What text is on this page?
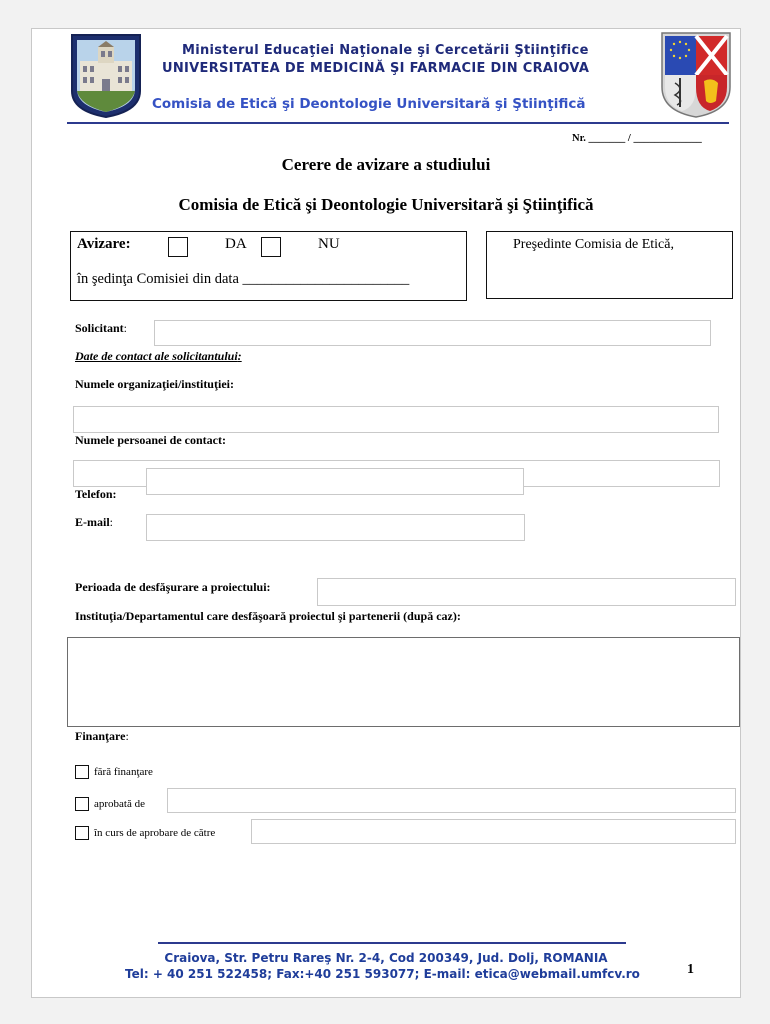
Ministerul Educaţiei Naţionale şi Cercetării Ştiinţifice
UNIVERSITATEA DE MEDICINĂ ŞI FARMACIE DIN CRAIOVA
Comisia de Etică şi Deontologie Universitară şi Ştiinţifică
Nr. _______ / _____________
Cerere de avizare a studiului
Comisia de Etică şi Deontologie Universitară şi Ştiinţifică
Avizare:	DA	NU
în şedinţa Comisiei din data _______________________
Preşedinte Comisia de Etică,
Solicitant:
Date de contact ale solicitantului:
Numele organizaţiei/instituţiei:
Numele persoanei de contact:
Telefon:
E-mail:
Perioada de desfăşurare a proiectului:
Instituţia/Departamentul care desfăşoară proiectul şi partenerii (după caz):
Finanţare:
fără finanţare
aprobată de
în curs de aprobare de către
Craiova, Str. Petru Rareş Nr. 2-4, Cod 200349, Jud. Dolj, ROMANIA
Tel: + 40 251 522458; Fax:+40 251 593077; E-mail: etica@webmail.umfcv.ro	1
